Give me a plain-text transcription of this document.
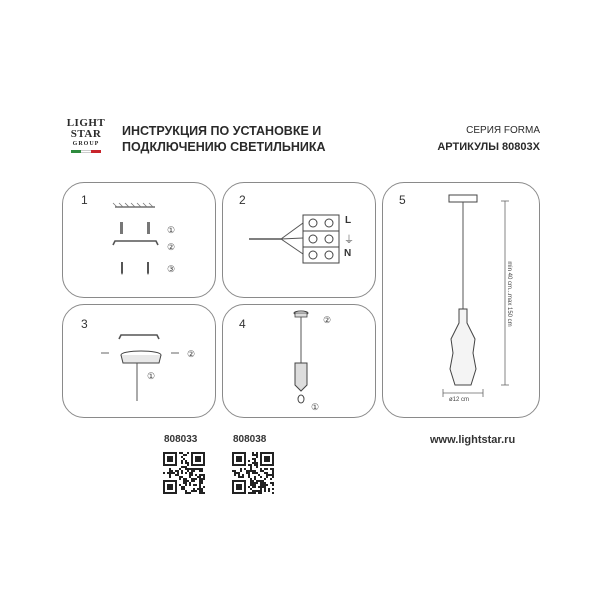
LIGHT
STAR
GROUP
ИНСТРУКЦИЯ ПО УСТАНОВКЕ И
ПОДКЛЮЧЕНИЮ СВЕТИЛЬНИКА
СЕРИЯ FORMA
АРТИКУЛЫ 80803X
1
①
②
③
2
L
⏚
N
3
①
②
4	②
①
5
min 40 cm...max 150 cm
ø12 cm
808033	808038	www.lightstar.ru
